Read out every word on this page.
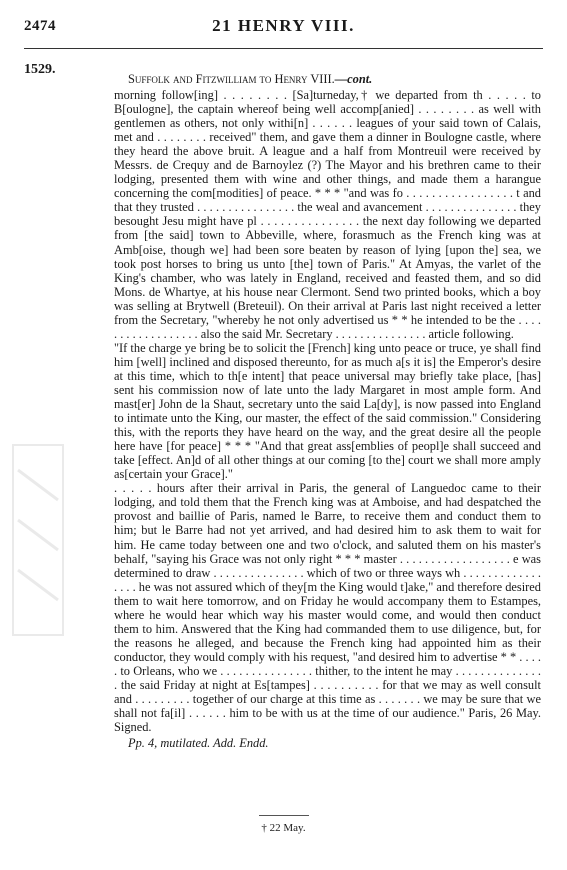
2474	21 HENRY VIII.
1529.
Suffolk and Fitzwilliam to Henry VIII.—cont.

morning follow[ing] . . . . . . . . [Sa]turneday,† we departed from th . . . . . to B[oulogne], the captain whereof being well accomp[anied] . . . . . . . . as well with gentlemen as others, not only withi[n] . . . . . . leagues of your said town of Calais, met and . . . . . . . . received" them, and gave them a dinner in Boulogne castle, where they heard the above bruit. A league and a half from Montreuil were received by Messrs. de Crequy and de Barnoylez (?) The Mayor and his brethren came to their lodging, presented them with wine and other things, and made them a harangue concerning the com[modities] of peace. * * * "and was fo . . . . . . . . . . . . . . . . . t and that they trusted . . . . . . . . . . . . . . . . the weal and avancement . . . . . . . . . . . . . . . they besought Jesu might have pl . . . . . . . . . . . . . . . the next day following we departed from [the said] town to Abbeville, where, forasmuch as the French king was at Amb[oise, though we] had been sore beaten by reason of lying [upon the] sea, we took post horses to bring us unto [the] town of Paris." At Amyas, the varlet of the King's chamber, who was lately in England, received and feasted them, and so did Mons. de Whartye, at his house near Clermont. Send two printed books, which a boy was selling at Brytwell (Breteuil). On their arrival at Paris last night received a letter from the Secretary, "whereby he not only advertised us * * he intended to be the . . . . . . . . . . . . . . . . . . also the said Mr. Secretary . . . . . . . . . . . . . . . article following.

"If the charge ye bring be to solicit the [French] king unto peace or truce, ye shall find him [well] inclined and disposed thereunto, for as much a[s it is] the Emperor's desire at this time, which to th[e intent] that peace universal may briefly take place, [has] sent his commission now of late unto the lady Margaret in most ample form. And mast[er] John de la Shaut, secretary unto the said La[dy], is now passed into England to intimate unto the King, our master, the effect of the said commission." Considering this, with the reports they have heard on the way, and the great desire all the people here have [for peace] * * * "And that great ass[emblies of peopl]e shall succeed and take [effect. An]d of all other things at our coming [to the] court we shall more amply as[certain your Grace]."

. . . . . hours after their arrival in Paris, the general of Languedoc came to their lodging, and told them that the French king was at Amboise, and had despatched the provost and baillie of Paris, named le Barre, to receive them and conduct them to him; but le Barre had not yet arrived, and had desired him to ask them to wait for him. He came today between one and two o'clock, and saluted them on his master's behalf, "saying his Grace was not only right * * * master . . . . . . . . . . . . . . . . . . e was determined to draw . . . . . . . . . . . . . . . which of two or three ways wh . . . . . . . . . . . . . . . . . he was not assured which of they[m the King would t]ake," and therefore desired them to wait here tomorrow, and on Friday he would accompany them to Estampes, where he would hear which way his master would come, and would then conduct them to him. Answered that the King had commanded them to use diligence, but, for the reasons he alleged, and because the French king had appointed him as their conductor, they would comply with his request, "and desired him to advertise * * . . . . . to Orleans, who we . . . . . . . . . . . . . . . thither, to the intent he may . . . . . . . . . . . . . . . the said Friday at night at Es[tampes] . . . . . . . . . . for that we may as well consult and . . . . . . . . . together of our charge at this time as . . . . . . . we may be sure that we shall not fa[il] . . . . . . him to be with us at the time of our audience." Paris, 26 May. Signed.

Pp. 4, mutilated. Add. Endd.
† 22 May.
